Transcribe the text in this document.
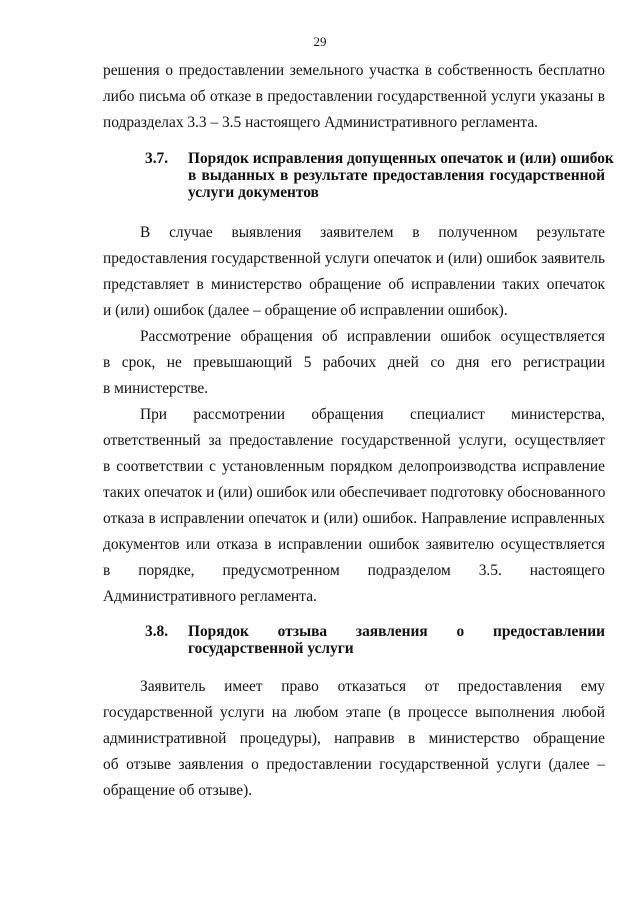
29
решения о предоставлении земельного участка в собственность бесплатно
либо письма об отказе в предоставлении государственной услуги указаны в
подразделах 3.3 – 3.5 настоящего Административного регламента.
3.7. Порядок исправления допущенных опечаток и (или) ошибок
в выданных в результате предоставления государственной
услуги документов
В случае выявления заявителем в полученном результате
предоставления государственной услуги опечаток и (или) ошибок заявитель
представляет в министерство обращение об исправлении таких опечаток
и (или) ошибок (далее – обращение об исправлении ошибок).
Рассмотрение обращения об исправлении ошибок осуществляется
в срок, не превышающий 5 рабочих дней со дня его регистрации
в министерстве.
При рассмотрении обращения специалист министерства,
ответственный за предоставление государственной услуги, осуществляет
в соответствии с установленным порядком делопроизводства исправление
таких опечаток и (или) ошибок или обеспечивает подготовку обоснованного
отказа в исправлении опечаток и (или) ошибок. Направление исправленных
документов или отказа в исправлении ошибок заявителю осуществляется
в порядке, предусмотренном подразделом 3.5. настоящего
Административного регламента.
3.8. Порядок отзыва заявления о предоставлении
государственной услуги
Заявитель имеет право отказаться от предоставления ему
государственной услуги на любом этапе (в процессе выполнения любой
административной процедуры), направив в министерство обращение
об отзыве заявления о предоставлении государственной услуги (далее –
обращение об отзыве).
